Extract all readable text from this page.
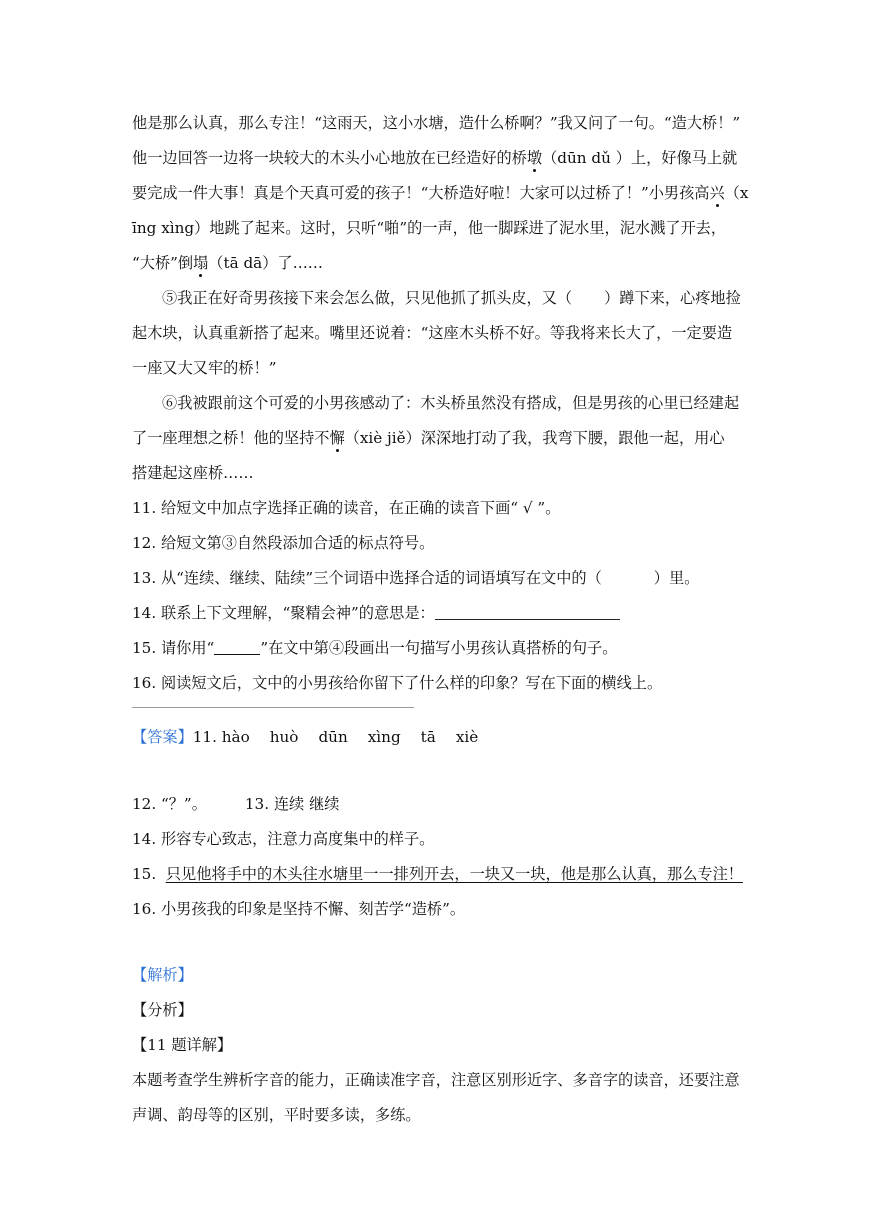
他是那么认真，那么专注！“这雨天，这小水塘，造什么桥啊？”我又问了一句。“造大桥！”
他一边回答一边将一块较大的木头小心地放在已经造好的桥墩（dūn dǔ ）上，好像马上就
要完成一件大事！真是个天真可爱的孩子！“大桥造好啦！大家可以过桥了！”小男孩高兴（x
īng xìng）地跳了起来。这时，只听“啪”的一声，他一脚踩进了泥水里，泥水溅了开去，
“大桥”倒塌（tā dā）了……
⑤我正在好奇男孩接下来会怎么做，只见他抓了抓头皮，又（ ）蹲下来，心疼地捡
起木块，认真重新搭了起来。嘴里还说着：“这座木头桥不好。等我将来长大了，一定要造
一座又大又牢的桥！”
⑥我被跟前这个可爱的小男孩感动了：木头桥虽然没有搭成，但是男孩的心里已经建起
了一座理想之桥！他的坚持不懈（xiè jiě）深深地打动了我，我弯下腰，跟他一起，用心
搭建起这座桥……
11. 给短文中加点字选择正确的读音，在正确的读音下画“ √ ”。
12. 给短文第③自然段添加合适的标点符号。
13. 从“连续、继续、陆续”三个词语中选择合适的词语填写在文中的（	）里。
14. 联系上下文理解，“聚精会神”的意思是：
15. 请你用“	”在文中第④段画出一句描写小男孩认真搭桥的句子。
16. 阅读短文后，文中的小男孩给你留下了什么样的印象？写在下面的横线上。
【答案】11. hào huò dūn xìng tā xiè
12. “？”。	13. 连续 继续
14. 形容专心致志，注意力高度集中的样子。
15. 只见他将手中的木头往水塘里一一排列开去，一块又一块，他是那么认真，那么专注！
16. 小男孩我的印象是坚持不懈、刻苦学“造桥”。
【解析】
【分析】
【11 题详解】
本题考查学生辨析字音的能力，正确读准字音，注意区别形近字、多音字的读音，还要注意
声调、韵母等的区别，平时要多读，多练。
